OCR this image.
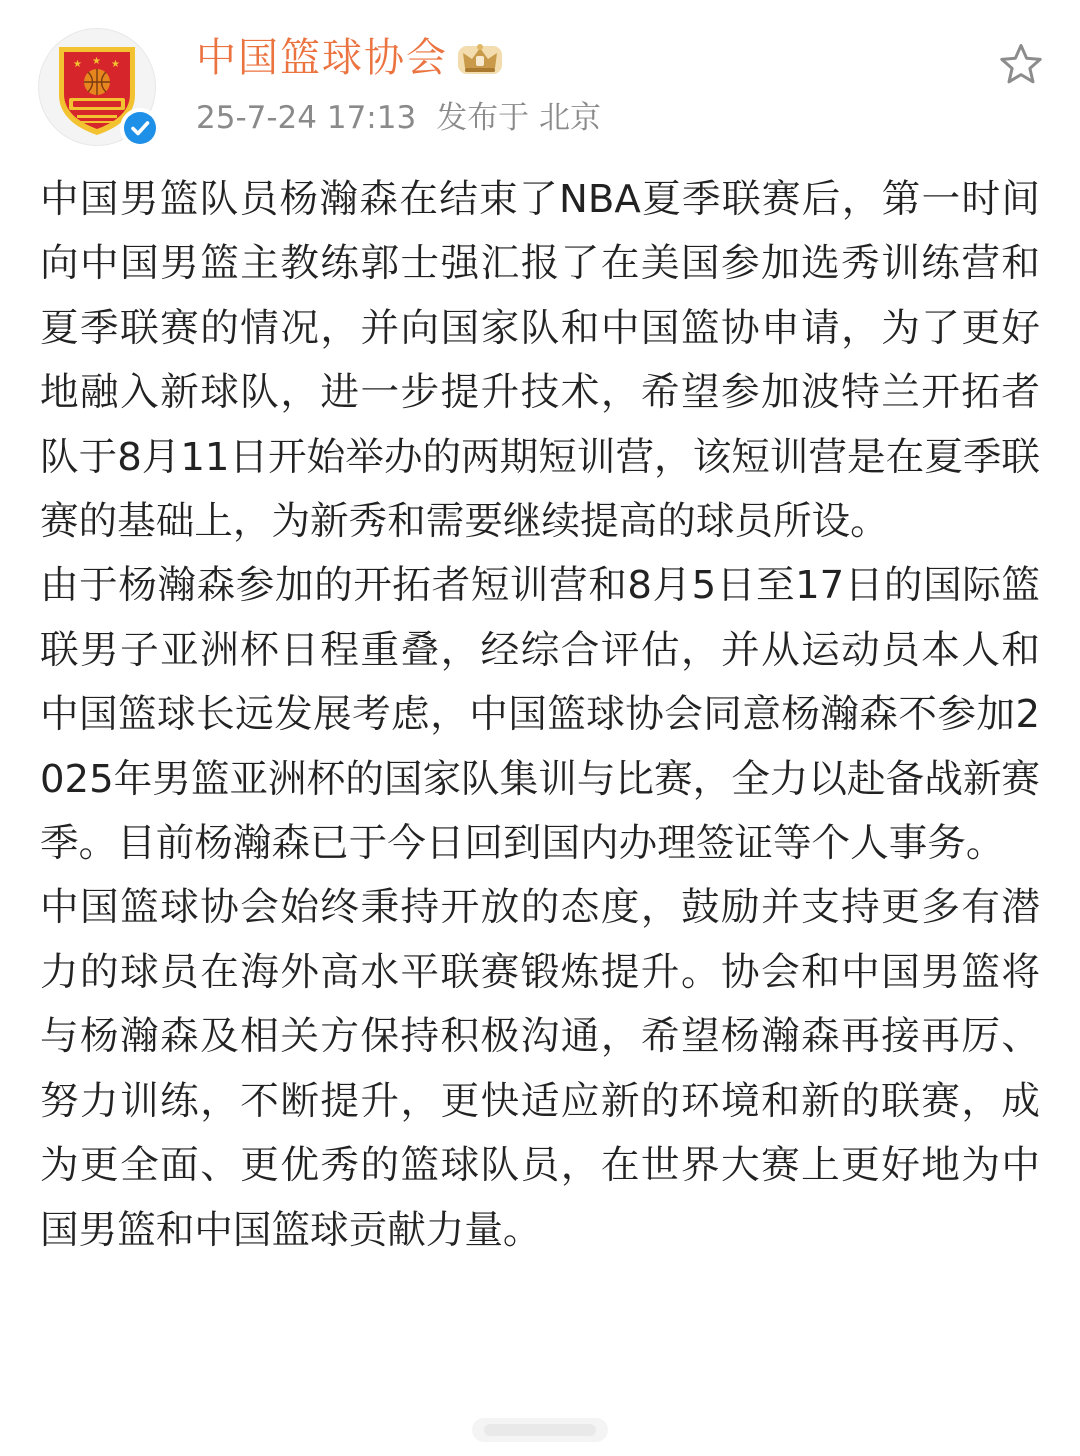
★ ★ ★ 中国篮球协会
25-7-24 17:13 发布于 北京

中国男篮队员杨瀚森在结束了NBA夏季联赛后，第一时间向中国男篮主教练郭士强汇报了在美国参加选秀训练营和夏季联赛的情况，并向国家队和中国篮协申请，为了更好地融入新球队，进一步提升技术，希望参加波特兰开拓者队于8月11日开始举办的两期短训营，该短训营是在夏季联赛的基础上，为新秀和需要继续提高的球员所设。

由于杨瀚森参加的开拓者短训营和8月5日至17日的国际篮联男子亚洲杯日程重叠，经综合评估，并从运动员本人和中国篮球长远发展考虑，中国篮球协会同意杨瀚森不参加2025年男篮亚洲杯的国家队集训与比赛，全力以赴备战新赛季。目前杨瀚森已于今日回到国内办理签证等个人事务。

中国篮球协会始终秉持开放的态度，鼓励并支持更多有潜力的球员在海外高水平联赛锻炼提升。协会和中国男篮将与杨瀚森及相关方保持积极沟通，希望杨瀚森再接再厉、努力训练，不断提升，更快适应新的环境和新的联赛，成为更全面、更优秀的篮球队员，在世界大赛上更好地为中国男篮和中国篮球贡献力量。
